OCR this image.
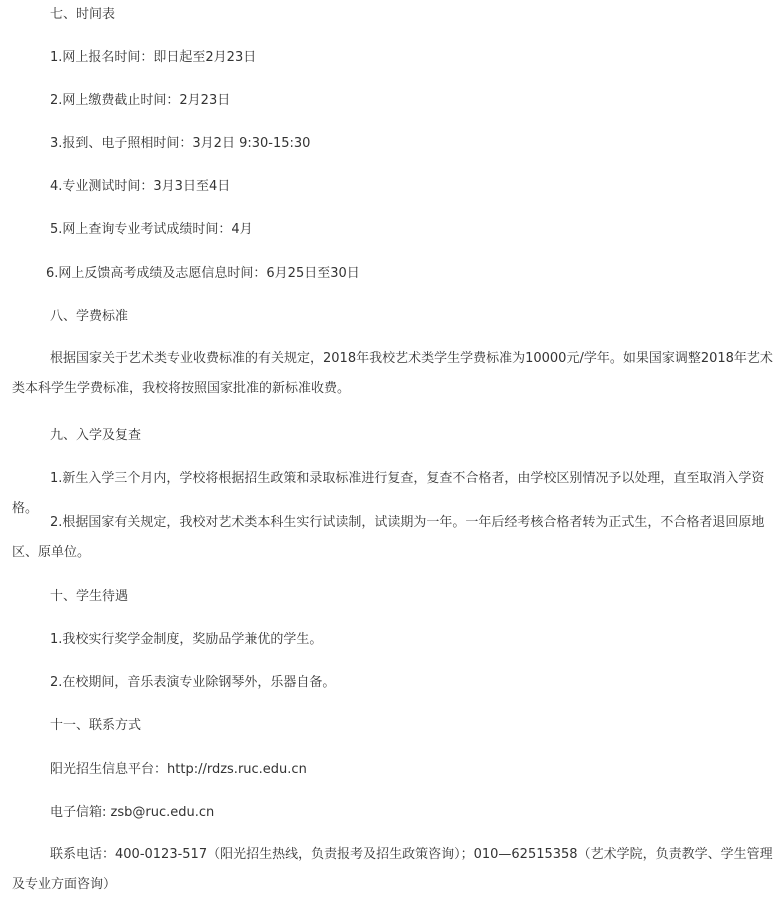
七、时间表
1.网上报名时间：即日起至2月23日
2.网上缴费截止时间：2月23日
3.报到、电子照相时间：3月2日 9:30-15:30
4.专业测试时间：3月3日至4日
5.网上查询专业考试成绩时间：4月
6.网上反馈高考成绩及志愿信息时间：6月25日至30日
八、学费标准
根据国家关于艺术类专业收费标准的有关规定，2018年我校艺术类学生学费标准为10000元/学年。如果国家调整2018年艺术类本科学生学费标准，我校将按照国家批准的新标准收费。
九、入学及复查
1.新生入学三个月内，学校将根据招生政策和录取标准进行复查，复查不合格者，由学校区别情况予以处理，直至取消入学资格。
2.根据国家有关规定，我校对艺术类本科生实行试读制，试读期为一年。一年后经考核合格者转为正式生，不合格者退回原地区、原单位。
十、学生待遇
1.我校实行奖学金制度，奖励品学兼优的学生。
2.在校期间，音乐表演专业除钢琴外，乐器自备。
十一、联系方式
阳光招生信息平台：http://rdzs.ruc.edu.cn
电子信箱: zsb@ruc.edu.cn
联系电话：400-0123-517（阳光招生热线，负责报考及招生政策咨询）；010—62515358（艺术学院，负责教学、学生管理及专业方面咨询）
